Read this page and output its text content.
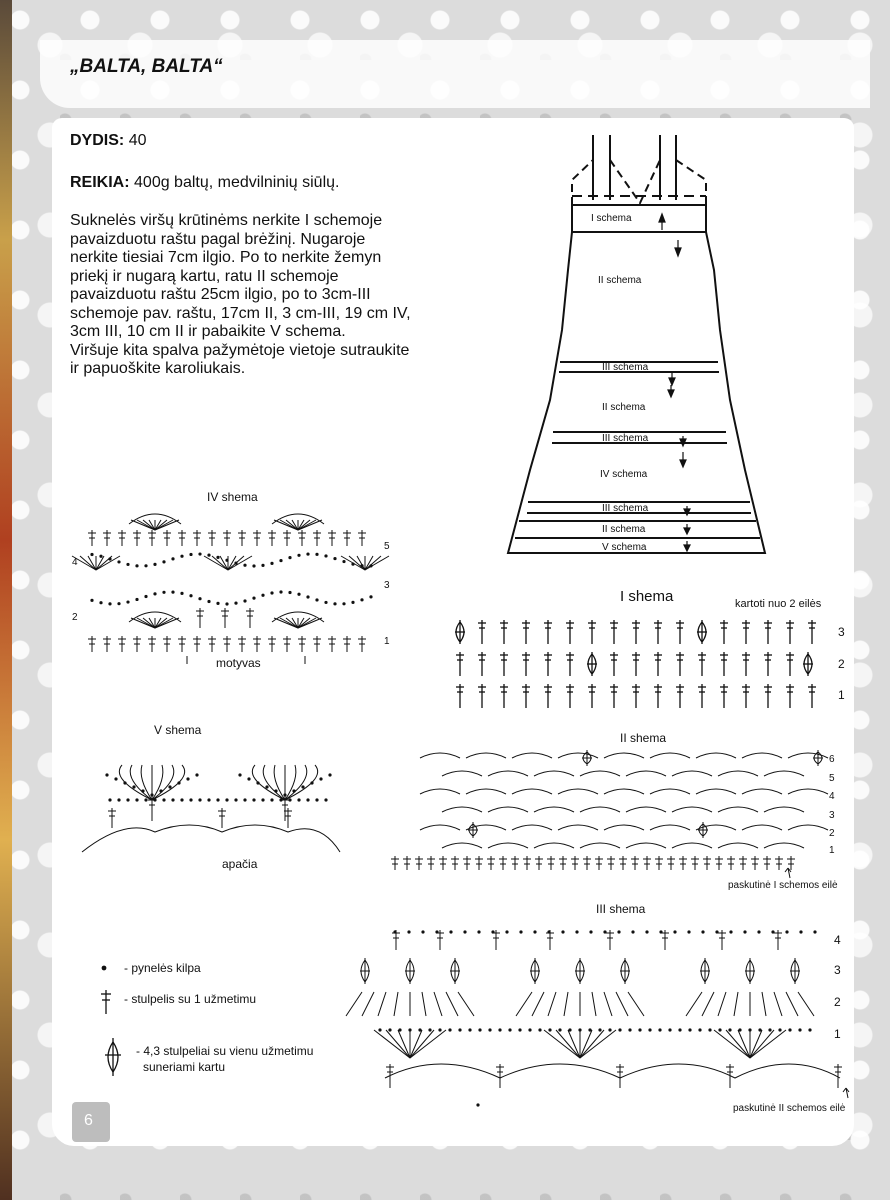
„BALTA, BALTA“
DYDIS: 40
REIKIA: 400g baltų, medvilninių siūlų.
Suknelės viršų krūtinėms nerkite I schemoje
pavaizduotu raštu pagal brėžinį. Nugaroje
nerkite tiesiai 7cm ilgio. Po to nerkite žemyn
priekį ir nugarą kartu, ratu II schemoje
pavaizduotu raštu 25cm ilgio, po to 3cm-III
schemoje pav. raštu, 17cm II, 3 cm-III, 19 cm IV,
3cm III, 10 cm II ir pabaikite V schema.
Viršuje kita spalva pažymėtoje vietoje sutraukite
ir papuoškite karoliukais.
I schema
II schema
III schema
II schema
III schema
IV schema
III schema
II schema
V schema
I shema	kartoti nuo 2 eilės
3
2
1
II shema
6
5
4
3
2
1
paskutinė I schemos eilė
III shema
4
3
2
1
paskutinė II schemos eilė
IV shema
5
4
3
2
1
motyvas
V shema
apačia
- pynelės kilpa
- stulpelis su 1 užmetimu
- 4,3 stulpeliai su vienu užmetimu
suneriami kartu
6
